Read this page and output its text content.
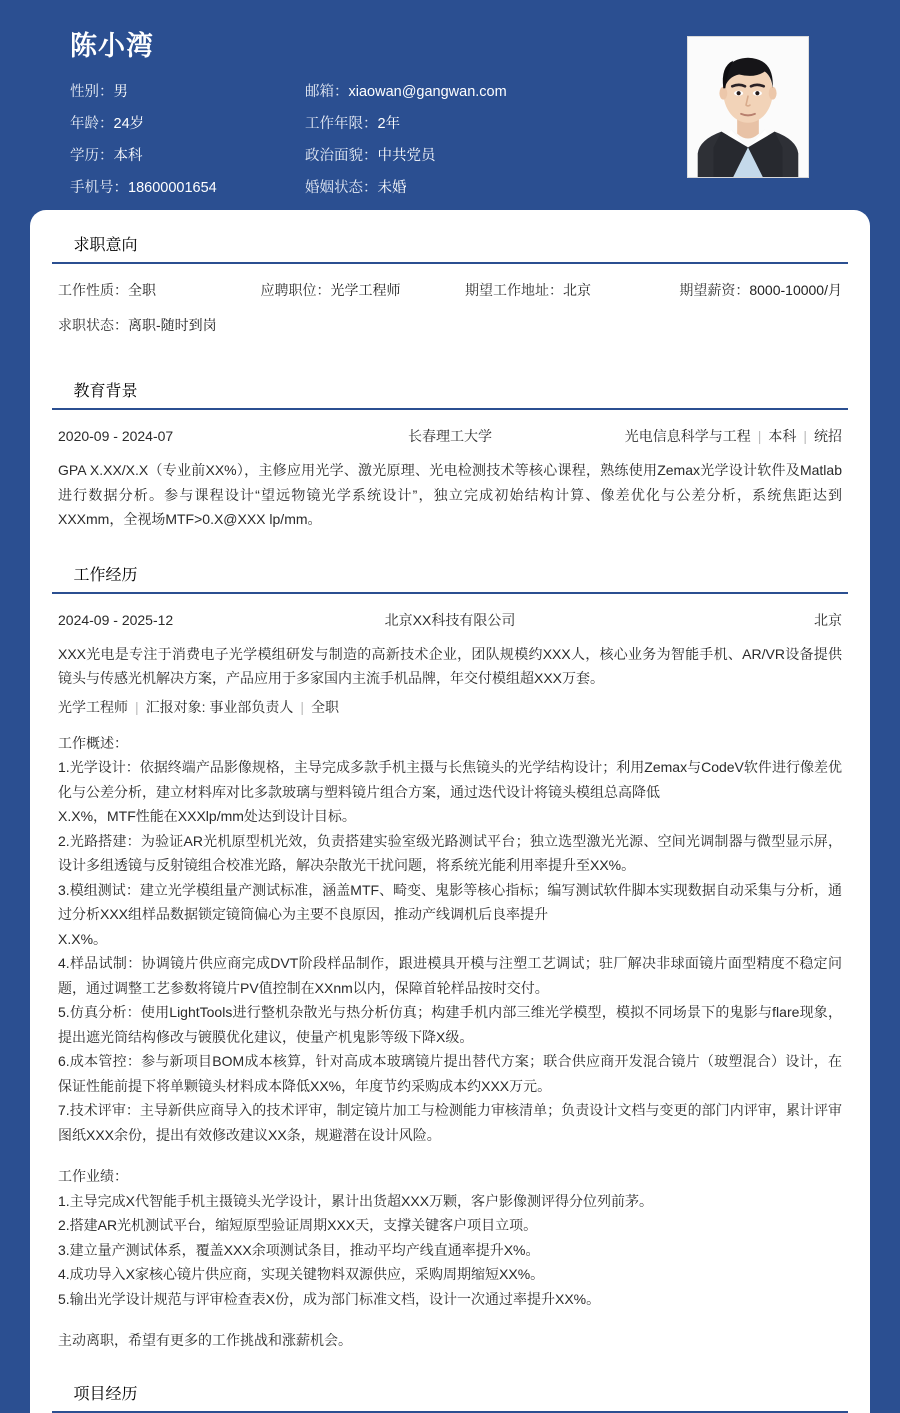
陈小湾
性别：男	邮箱：xiaowan@gangwan.com
年龄：24岁	工作年限：2年
学历：本科	政治面貌：中共党员
手机号：18600001654	婚姻状态：未婚
求职意向
工作性质：全职	应聘职位：光学工程师	期望工作地址：北京	期望薪资：8000-10000/月
求职状态：离职-随时到岗
教育背景
2020-09 - 2024-07	长春理工大学	光电信息科学与工程 | 本科 | 统招
GPA X.XX/X.X（专业前XX%），主修应用光学、激光原理、光电检测技术等核心课程，熟练使用Zemax光学设计软件及Matlab进行数据分析。参与课程设计“望远物镜光学系统设计”，独立完成初始结构计算、像差优化与公差分析，系统焦距达到XXXmm，全视场MTF>0.X@XXX lp/mm。
工作经历
2024-09 - 2025-12	北京XX科技有限公司	北京
XXX光电是专注于消费电子光学模组研发与制造的高新技术企业，团队规模约XXX人，核心业务为智能手机、AR/VR设备提供镜头与传感光机解决方案，产品应用于多家国内主流手机品牌，年交付模组超XXX万套。
光学工程师 | 汇报对象: 事业部负责人 | 全职
工作概述：
1.光学设计：依据终端产品影像规格，主导完成多款手机主摄与长焦镜头的光学结构设计；利用Zemax与CodeV软件进行像差优化与公差分析，建立材料库对比多款玻璃与塑料镜片组合方案，通过迭代设计将镜头模组总高降低
X.X%，MTF性能在XXXlp/mm处达到设计目标。
2.光路搭建：为验证AR光机原型机光效，负责搭建实验室级光路测试平台；独立选型激光光源、空间光调制器与微型显示屏，设计多组透镜与反射镜组合校准光路，解决杂散光干扰问题，将系统光能利用率提升至XX%。
3.模组测试：建立光学模组量产测试标准，涵盖MTF、畸变、鬼影等核心指标；编写测试软件脚本实现数据自动采集与分析，通过分析XXX组样品数据锁定镜筒偏心为主要不良原因，推动产线调机后良率提升
X.X%。
4.样品试制：协调镜片供应商完成DVT阶段样品制作，跟进模具开模与注塑工艺调试；驻厂解决非球面镜片面型精度不稳定问题，通过调整工艺参数将镜片PV值控制在XXnm以内，保障首轮样品按时交付。
5.仿真分析：使用LightTools进行整机杂散光与热分析仿真；构建手机内部三维光学模型，模拟不同场景下的鬼影与flare现象，提出遮光筒结构修改与镀膜优化建议，使量产机鬼影等级下降X级。
6.成本管控：参与新项目BOM成本核算，针对高成本玻璃镜片提出替代方案；联合供应商开发混合镜片（玻塑混合）设计，在保证性能前提下将单颗镜头材料成本降低XX%，年度节约采购成本约XXX万元。
7.技术评审：主导新供应商导入的技术评审，制定镜片加工与检测能力审核清单；负责设计文档与变更的部门内评审，累计评审图纸XXX余份，提出有效修改建议XX条，规避潜在设计风险。
工作业绩：
1.主导完成X代智能手机主摄镜头光学设计，累计出货超XXX万颗，客户影像测评得分位列前茅。
2.搭建AR光机测试平台，缩短原型验证周期XXX天，支撑关键客户项目立项。
3.建立量产测试体系，覆盖XXX余项测试条目，推动平均产线直通率提升X%。
4.成功导入X家核心镜片供应商，实现关键物料双源供应，采购周期缩短XX%。
5.输出光学设计规范与评审检查表X份，成为部门标准文档，设计一次通过率提升XX%。
主动离职，希望有更多的工作挑战和涨薪机会。
项目经历
